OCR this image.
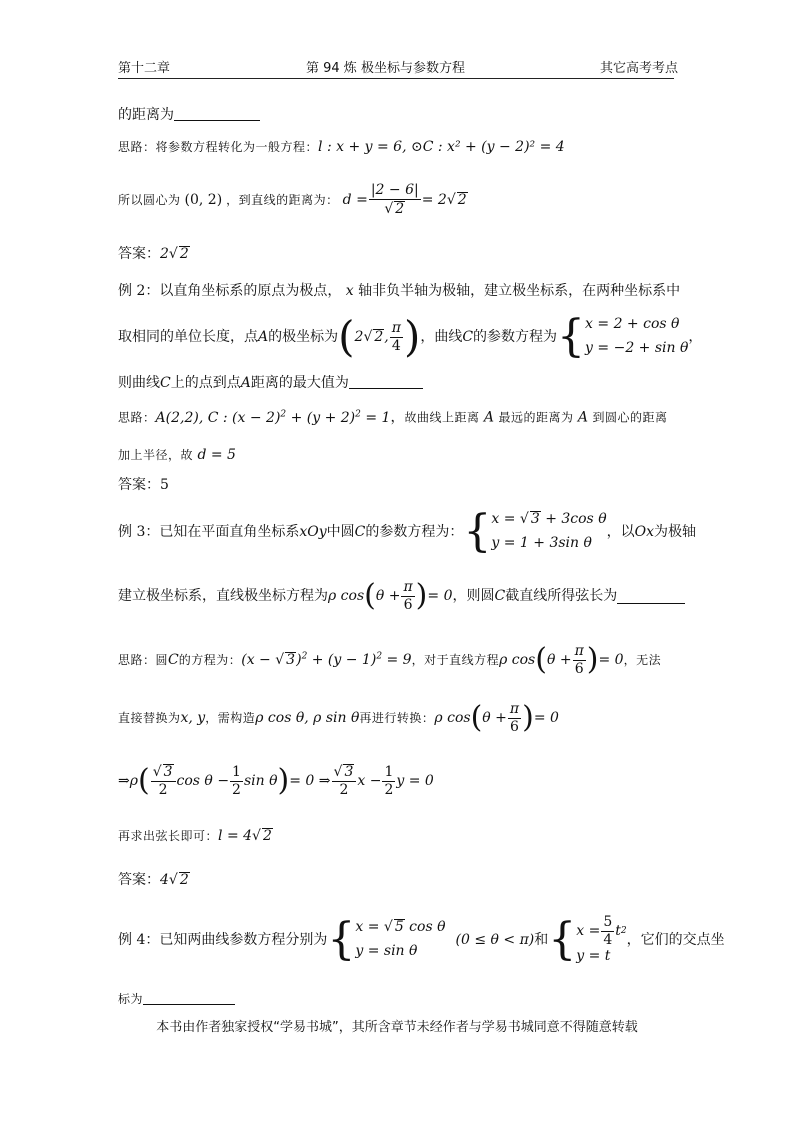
第十二章	第 94 炼 极坐标与参数方程	其它高考考点
的距离为
思路：将参数方程转化为一般方程：l : x + y = 6, ⊙C : x² + (y − 2)² = 4
所以圆心为 (0, 2) ，到直线的距离为： $d = \frac{|2 - 6|}{√ 2} = 2√$ 2
答案：2√ 2
例 2：以直角坐标系的原点为极点， x 轴非负半轴为极轴，建立极坐标系，在两种坐标系中
取相同的单位长度，点 A 的极坐标为 ( 2 √ 2 , $\frac{\pi}{4}$ ) ，曲线 C 的参数方程为 { x = 2 + cos θ
y = −2 + sin θ
，
则曲线C上的点到点A距离的最大值为
思路：A(2,2), C : $(x - 2)^2 + (y + 2)^2 = 1$，故曲线上距离 A 最远的距离为 A 到圆心的距离
加上半径，故 d = 5
答案：5
例 3：已知在平面直角坐标系 xOy 中圆 C 的参数方程为： { x = √ 3 + 3cos θ
y = 1 + 3sin θ
，以 Ox 为极轴
建立极坐标系，直线极坐标方程为 ρ cos ( $\theta + \frac{\pi}{6}$ ) = 0 ，则圆 C 截直线所得弦长为
思路：圆 C 的方程为： (x − √ $3)^2 + (y - 1)^2 = 9$ ，对于直线方程 ρ cos ( $\theta + \frac{\pi}{6}$ ) = 0 ，无法
直接替换为 x, y ，需构造 ρ cos θ, ρ sin θ 再进行转换： ρ cos ( $\theta + \frac{\pi}{6}$ ) = 0
⇒ ρ ( $\frac{√ 3}{2}$ $\cos \theta - \frac{1}{2}$ sin θ ) = 0 ⇒ $\frac{√ 3}{2}$ $x - \frac{1}{2}$ y = 0
再求出弦长即可：l = 4√ 2
答案：4√ 2
例 4：已知两曲线参数方程分别为 { x = √ 5 cos θ
y = sin θ
(0 ≤ θ < π) 和 { $x = \frac{5}{4}$ t 2
y = t
，它们的交点坐
标为
本书由作者独家授权“学易书城”，其所含章节未经作者与学易书城同意不得随意转载
